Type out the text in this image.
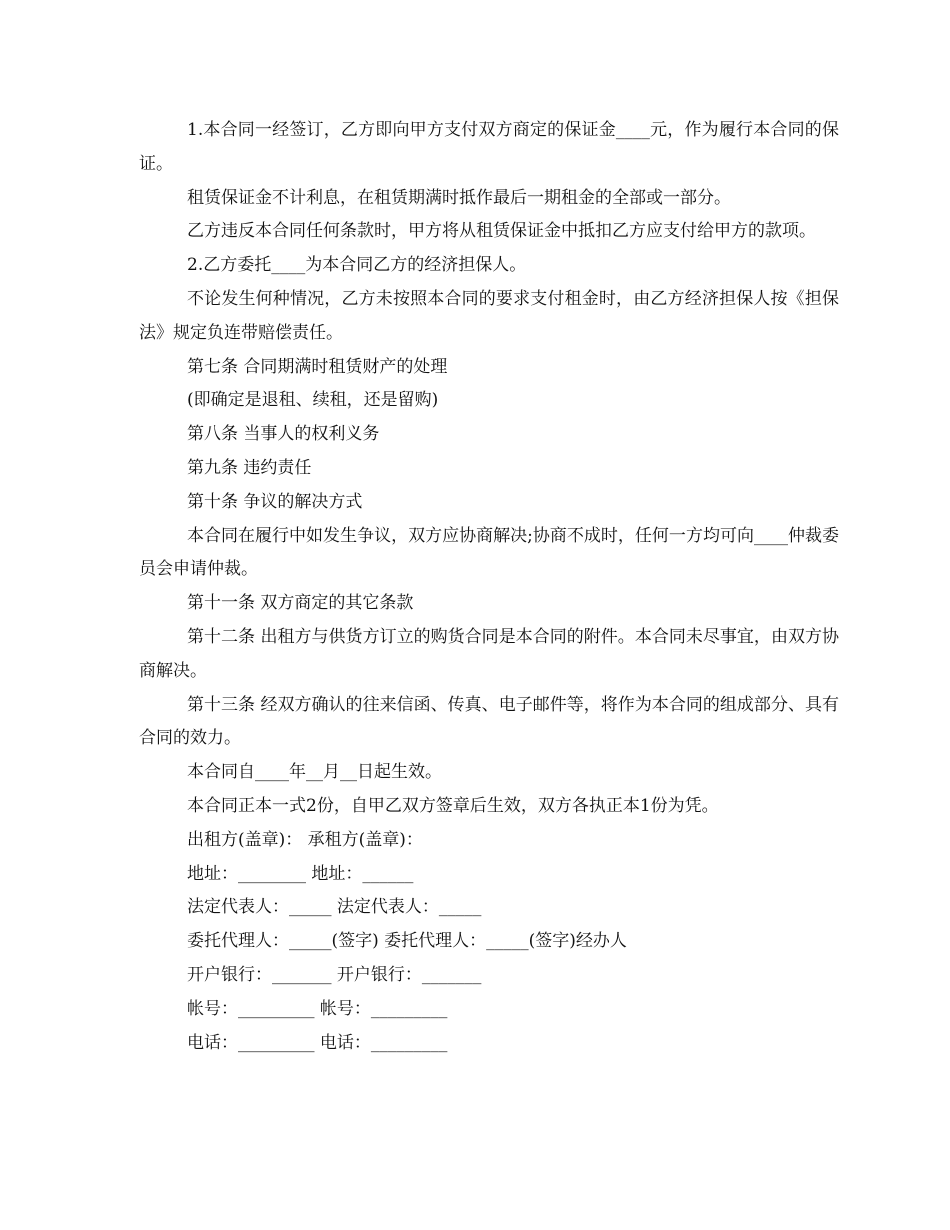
1.本合同一经签订，乙方即向甲方支付双方商定的保证金____元，作为履行本合同的保证。

租赁保证金不计利息，在租赁期满时抵作最后一期租金的全部或一部分。

乙方违反本合同任何条款时，甲方将从租赁保证金中抵扣乙方应支付给甲方的款项。

2.乙方委托____为本合同乙方的经济担保人。

不论发生何种情况，乙方未按照本合同的要求支付租金时，由乙方经济担保人按《担保法》规定负连带赔偿责任。

第七条 合同期满时租赁财产的处理

(即确定是退租、续租，还是留购)

第八条 当事人的权利义务

第九条 违约责任

第十条 争议的解决方式

本合同在履行中如发生争议，双方应协商解决;协商不成时，任何一方均可向____仲裁委员会申请仲裁。

第十一条 双方商定的其它条款

第十二条 出租方与供货方订立的购货合同是本合同的附件。本合同未尽事宜，由双方协商解决。

第十三条 经双方确认的往来信函、传真、电子邮件等，将作为本合同的组成部分、具有合同的效力。

本合同自____年__月__日起生效。

本合同正本一式2份，自甲乙双方签章后生效，双方各执正本1份为凭。

出租方(盖章)： 承租方(盖章)：

地址：________ 地址：______

法定代表人：_____ 法定代表人：_____

委托代理人：_____(签字) 委托代理人：_____(签字)经办人

开户银行：_______ 开户银行：_______

帐号：_________ 帐号：_________

电话：_________ 电话：_________
